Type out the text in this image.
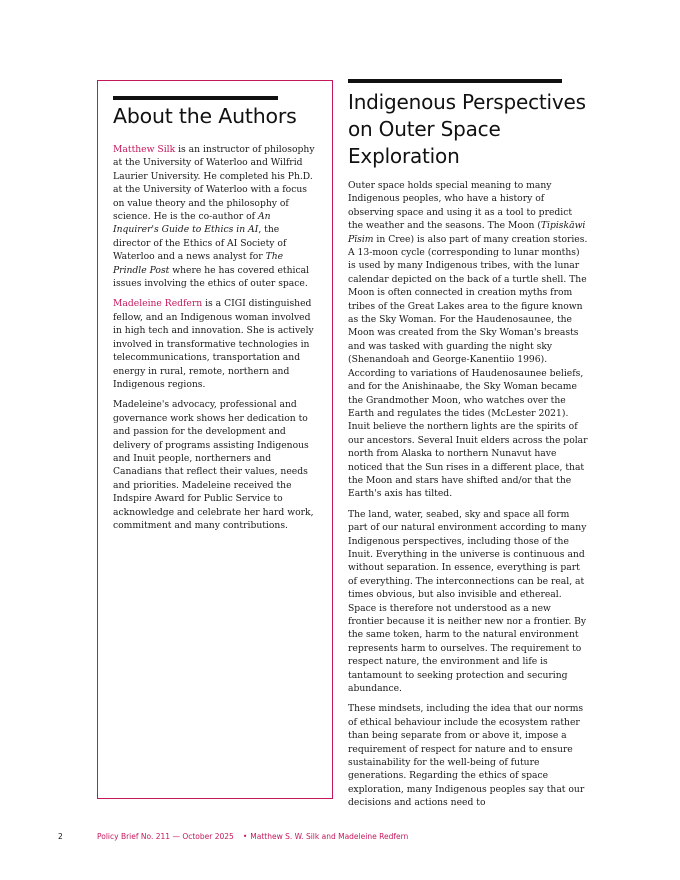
About the Authors

Matthew Silk is an instructor of philosophy at the University of Waterloo and Wilfrid Laurier University. He completed his Ph.D. at the University of Waterloo with a focus on value theory and the philosophy of science. He is the co-author of An Inquirer's Guide to Ethics in AI, the director of the Ethics of AI Society of Waterloo and a news analyst for The Prindle Post where he has covered ethical issues involving the ethics of outer space.

Madeleine Redfern is a CIGI distinguished fellow, and an Indigenous woman involved in high tech and innovation. She is actively involved in transformative technologies in telecommunications, transportation and energy in rural, remote, northern and Indigenous regions.

Madeleine's advocacy, professional and governance work shows her dedication to and passion for the development and delivery of programs assisting Indigenous and Inuit people, northerners and Canadians that reflect their values, needs and priorities. Madeleine received the Indspire Award for Public Service to acknowledge and celebrate her hard work, commitment and many contributions.

Indigenous Perspectives on Outer Space Exploration

Outer space holds special meaning to many Indigenous peoples, who have a history of observing space and using it as a tool to predict the weather and the seasons. The Moon (Tipiskāwi Pīsim in Cree) is also part of many creation stories. A 13-moon cycle (corresponding to lunar months) is used by many Indigenous tribes, with the lunar calendar depicted on the back of a turtle shell. The Moon is often connected in creation myths from tribes of the Great Lakes area to the figure known as the Sky Woman. For the Haudenosaunee, the Moon was created from the Sky Woman's breasts and was tasked with guarding the night sky (Shenandoah and George-Kanentiio 1996). According to variations of Haudenosaunee beliefs, and for the Anishinaabe, the Sky Woman became the Grandmother Moon, who watches over the Earth and regulates the tides (McLester 2021). Inuit believe the northern lights are the spirits of our ancestors. Several Inuit elders across the polar north from Alaska to northern Nunavut have noticed that the Sun rises in a different place, that the Moon and stars have shifted and/or that the Earth's axis has tilted.

The land, water, seabed, sky and space all form part of our natural environment according to many Indigenous perspectives, including those of the Inuit. Everything in the universe is continuous and without separation. In essence, everything is part of everything. The interconnections can be real, at times obvious, but also invisible and ethereal. Space is therefore not understood as a new frontier because it is neither new nor a frontier. By the same token, harm to the natural environment represents harm to ourselves. The requirement to respect nature, the environment and life is tantamount to seeking protection and securing abundance.

These mindsets, including the idea that our norms of ethical behaviour include the ecosystem rather than being separate from or above it, impose a requirement of respect for nature and to ensure sustainability for the well-being of future generations. Regarding the ethics of space exploration, many Indigenous peoples say that our decisions and actions need to

2	Policy Brief No. 211 — October 2025 • Matthew S. W. Silk and Madeleine Redfern
